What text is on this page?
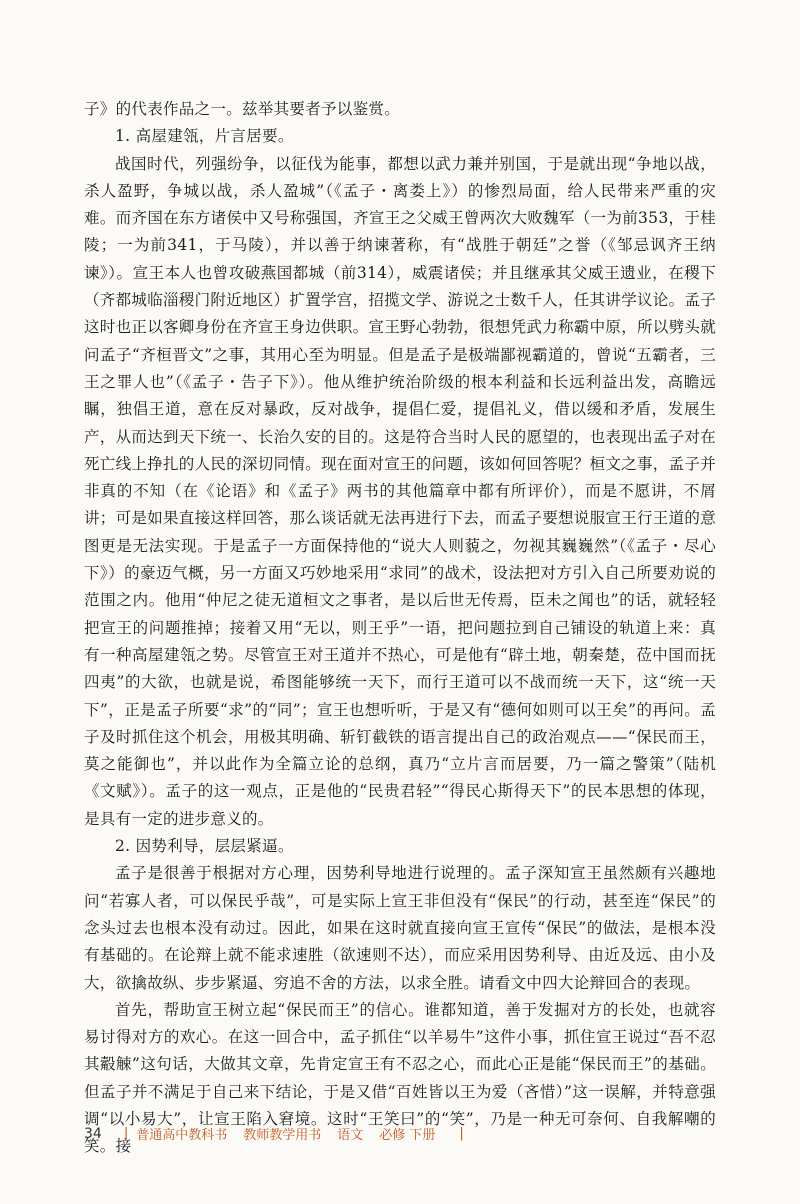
子》的代表作品之一。兹举其要者予以鉴赏。

1. 高屋建瓴，片言居要。

战国时代，列强纷争，以征伐为能事，都想以武力兼并别国，于是就出现“争地以战，杀人盈野，争城以战，杀人盈城”（《孟子・离娄上》）的惨烈局面，给人民带来严重的灾难。而齐国在东方诸侯中又号称强国，齐宣王之父威王曾两次大败魏军（一为前353，于桂陵；一为前341，于马陵），并以善于纳谏著称，有“战胜于朝廷”之誉（《邹忌讽齐王纳谏》）。宣王本人也曾攻破燕国都城（前314），威震诸侯；并且继承其父威王遗业，在稷下（齐都城临淄稷门附近地区）扩置学宫，招揽文学、游说之士数千人，任其讲学议论。孟子这时也正以客卿身份在齐宣王身边供职。宣王野心勃勃，很想凭武力称霸中原，所以劈头就问孟子“齐桓晋文”之事，其用心至为明显。但是孟子是极端鄙视霸道的，曾说“五霸者，三王之罪人也”（《孟子・告子下》）。他从维护统治阶级的根本利益和长远利益出发，高瞻远瞩，独倡王道，意在反对暴政，反对战争，提倡仁爱，提倡礼义，借以缓和矛盾，发展生产，从而达到天下统一、长治久安的目的。这是符合当时人民的愿望的，也表现出孟子对在死亡线上挣扎的人民的深切同情。现在面对宣王的问题，该如何回答呢？桓文之事，孟子并非真的不知（在《论语》和《孟子》两书的其他篇章中都有所评价），而是不愿讲，不屑讲；可是如果直接这样回答，那么谈话就无法再进行下去，而孟子要想说服宣王行王道的意图更是无法实现。于是孟子一方面保持他的“说大人则藐之，勿视其巍巍然”（《孟子・尽心下》）的豪迈气概，另一方面又巧妙地采用“求同”的战术，设法把对方引入自己所要劝说的范围之内。他用“仲尼之徒无道桓文之事者，是以后世无传焉，臣未之闻也”的话，就轻轻把宣王的问题推掉；接着又用“无以，则王乎”一语，把问题拉到自己铺设的轨道上来：真有一种高屋建瓴之势。尽管宣王对王道并不热心，可是他有“辟土地，朝秦楚，莅中国而抚四夷”的大欲，也就是说，希图能够统一天下，而行王道可以不战而统一天下，这“统一天下”，正是孟子所要“求”的“同”；宣王也想听听，于是又有“德何如则可以王矣”的再问。孟子及时抓住这个机会，用极其明确、斩钉截铁的语言提出自己的政治观点——“保民而王，莫之能御也”，并以此作为全篇立论的总纲，真乃“立片言而居要，乃一篇之警策”（陆机《文赋》）。孟子的这一观点，正是他的“民贵君轻”“得民心斯得天下”的民本思想的体现，是具有一定的进步意义的。

2. 因势利导，层层紧逼。

孟子是很善于根据对方心理，因势利导地进行说理的。孟子深知宣王虽然颇有兴趣地问“若寡人者，可以保民乎哉”，可是实际上宣王非但没有“保民”的行动，甚至连“保民”的念头过去也根本没有动过。因此，如果在这时就直接向宣王宣传“保民”的做法，是根本没有基础的。在论辩上就不能求速胜（欲速则不达），而应采用因势利导、由近及远、由小及大，欲擒故纵、步步紧逼、穷追不舍的方法，以求全胜。请看文中四大论辩回合的表现。

首先，帮助宣王树立起“保民而王”的信心。谁都知道，善于发掘对方的长处，也就容易讨得对方的欢心。在这一回合中，孟子抓住“以羊易牛”这件小事，抓住宣王说过“吾不忍其觳觫”这句话，大做其文章，先肯定宣王有不忍之心，而此心正是能“保民而王”的基础。但孟子并不满足于自己来下结论，于是又借“百姓皆以王为爱（吝惜）”这一误解，并特意强调“以小易大”，让宣王陷入窘境。这时“王笑曰”的“笑”，乃是一种无可奈何、自我解嘲的笑。接

34 | 普通高中教科书 教师教学用书 语文 必修 下册 |
